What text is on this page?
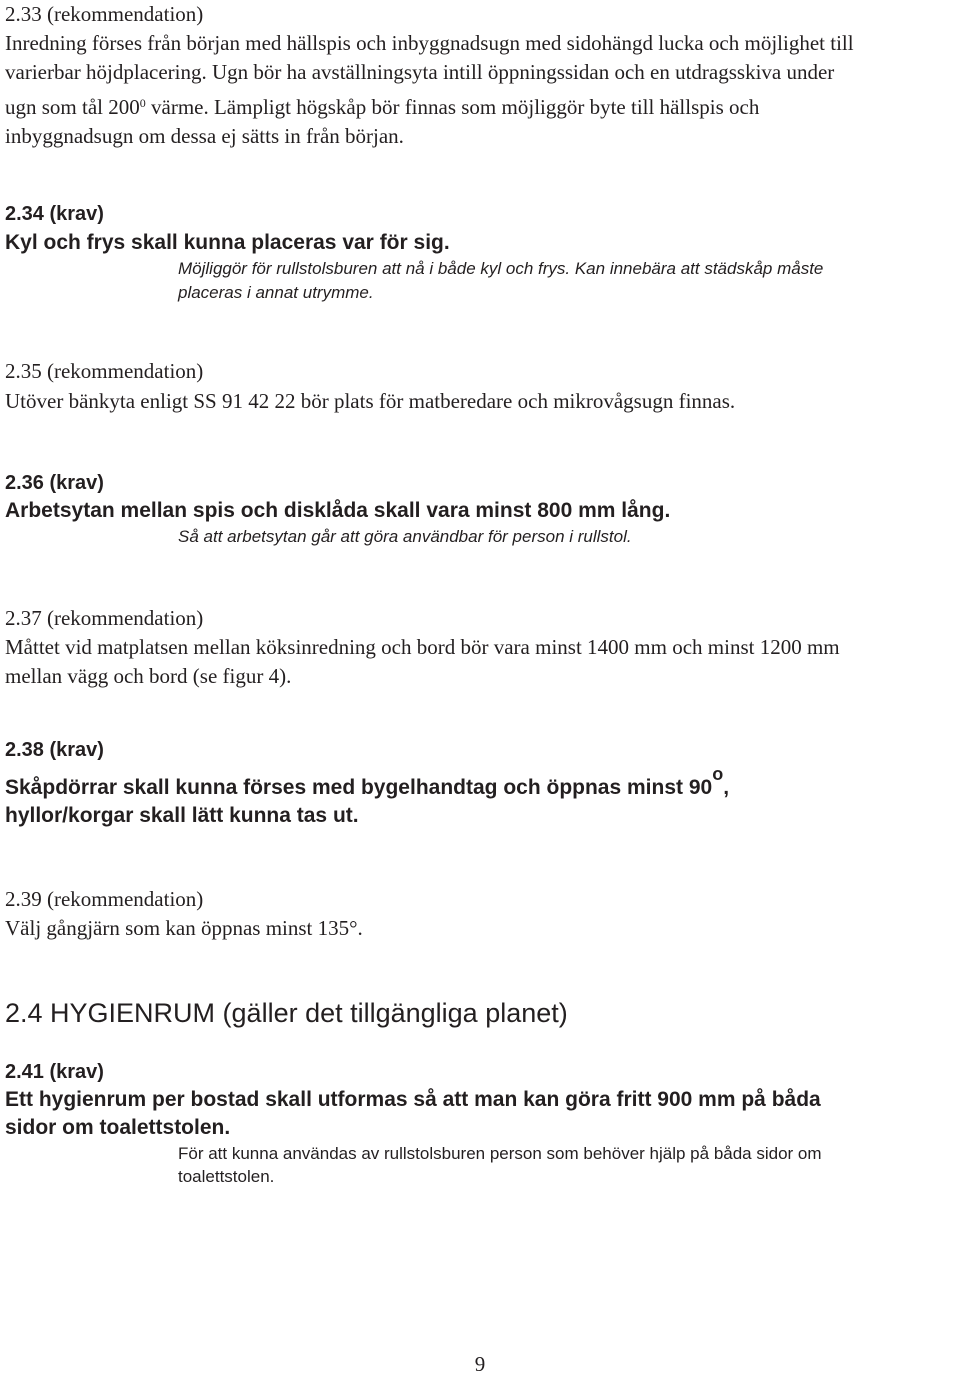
2.33 (rekommendation)
Inredning förses från början med hällspis och inbyggnadsugn med sidohängd lucka och möjlighet till
varierbar höjdplacering. Ugn bör ha avställningsyta intill öppningssidan och en utdragsskiva under
ugn som tål $200^0$ värme. Lämpligt högskåp bör finnas som möjliggör byte till hällspis och
inbyggnadsugn om dessa ej sätts in från början.
2.34 (krav)
Kyl och frys skall kunna placeras var för sig.
Möjliggör för rullstolsburen att nå i både kyl och frys. Kan innebära att städskåp måste
placeras i annat utrymme.
2.35 (rekommendation)
Utöver bänkyta enligt SS 91 42 22 bör plats för matberedare och mikrovågsugn finnas.
2.36 (krav)
Arbetsytan mellan spis och disklåda skall vara minst 800 mm lång.
Så att arbetsytan går att göra användbar för person i rullstol.
2.37 (rekommendation)
Måttet vid matplatsen mellan köksinredning och bord bör vara minst 1400 mm och minst 1200 mm
mellan vägg och bord (se figur 4).
2.38 (krav)
Skåpdörrar skall kunna förses med bygelhandtag och öppnas minst 90$^o$,
hyllor/korgar skall lätt kunna tas ut.
2.39 (rekommendation)
Välj gångjärn som kan öppnas minst 135°.
2.4 HYGIENRUM (gäller det tillgängliga planet)
2.41 (krav)
Ett hygienrum per bostad skall utformas så att man kan göra fritt 900 mm på båda
sidor om toalettstolen.
För att kunna användas av rullstolsburen person som behöver hjälp på båda sidor om
toalettstolen.
9
